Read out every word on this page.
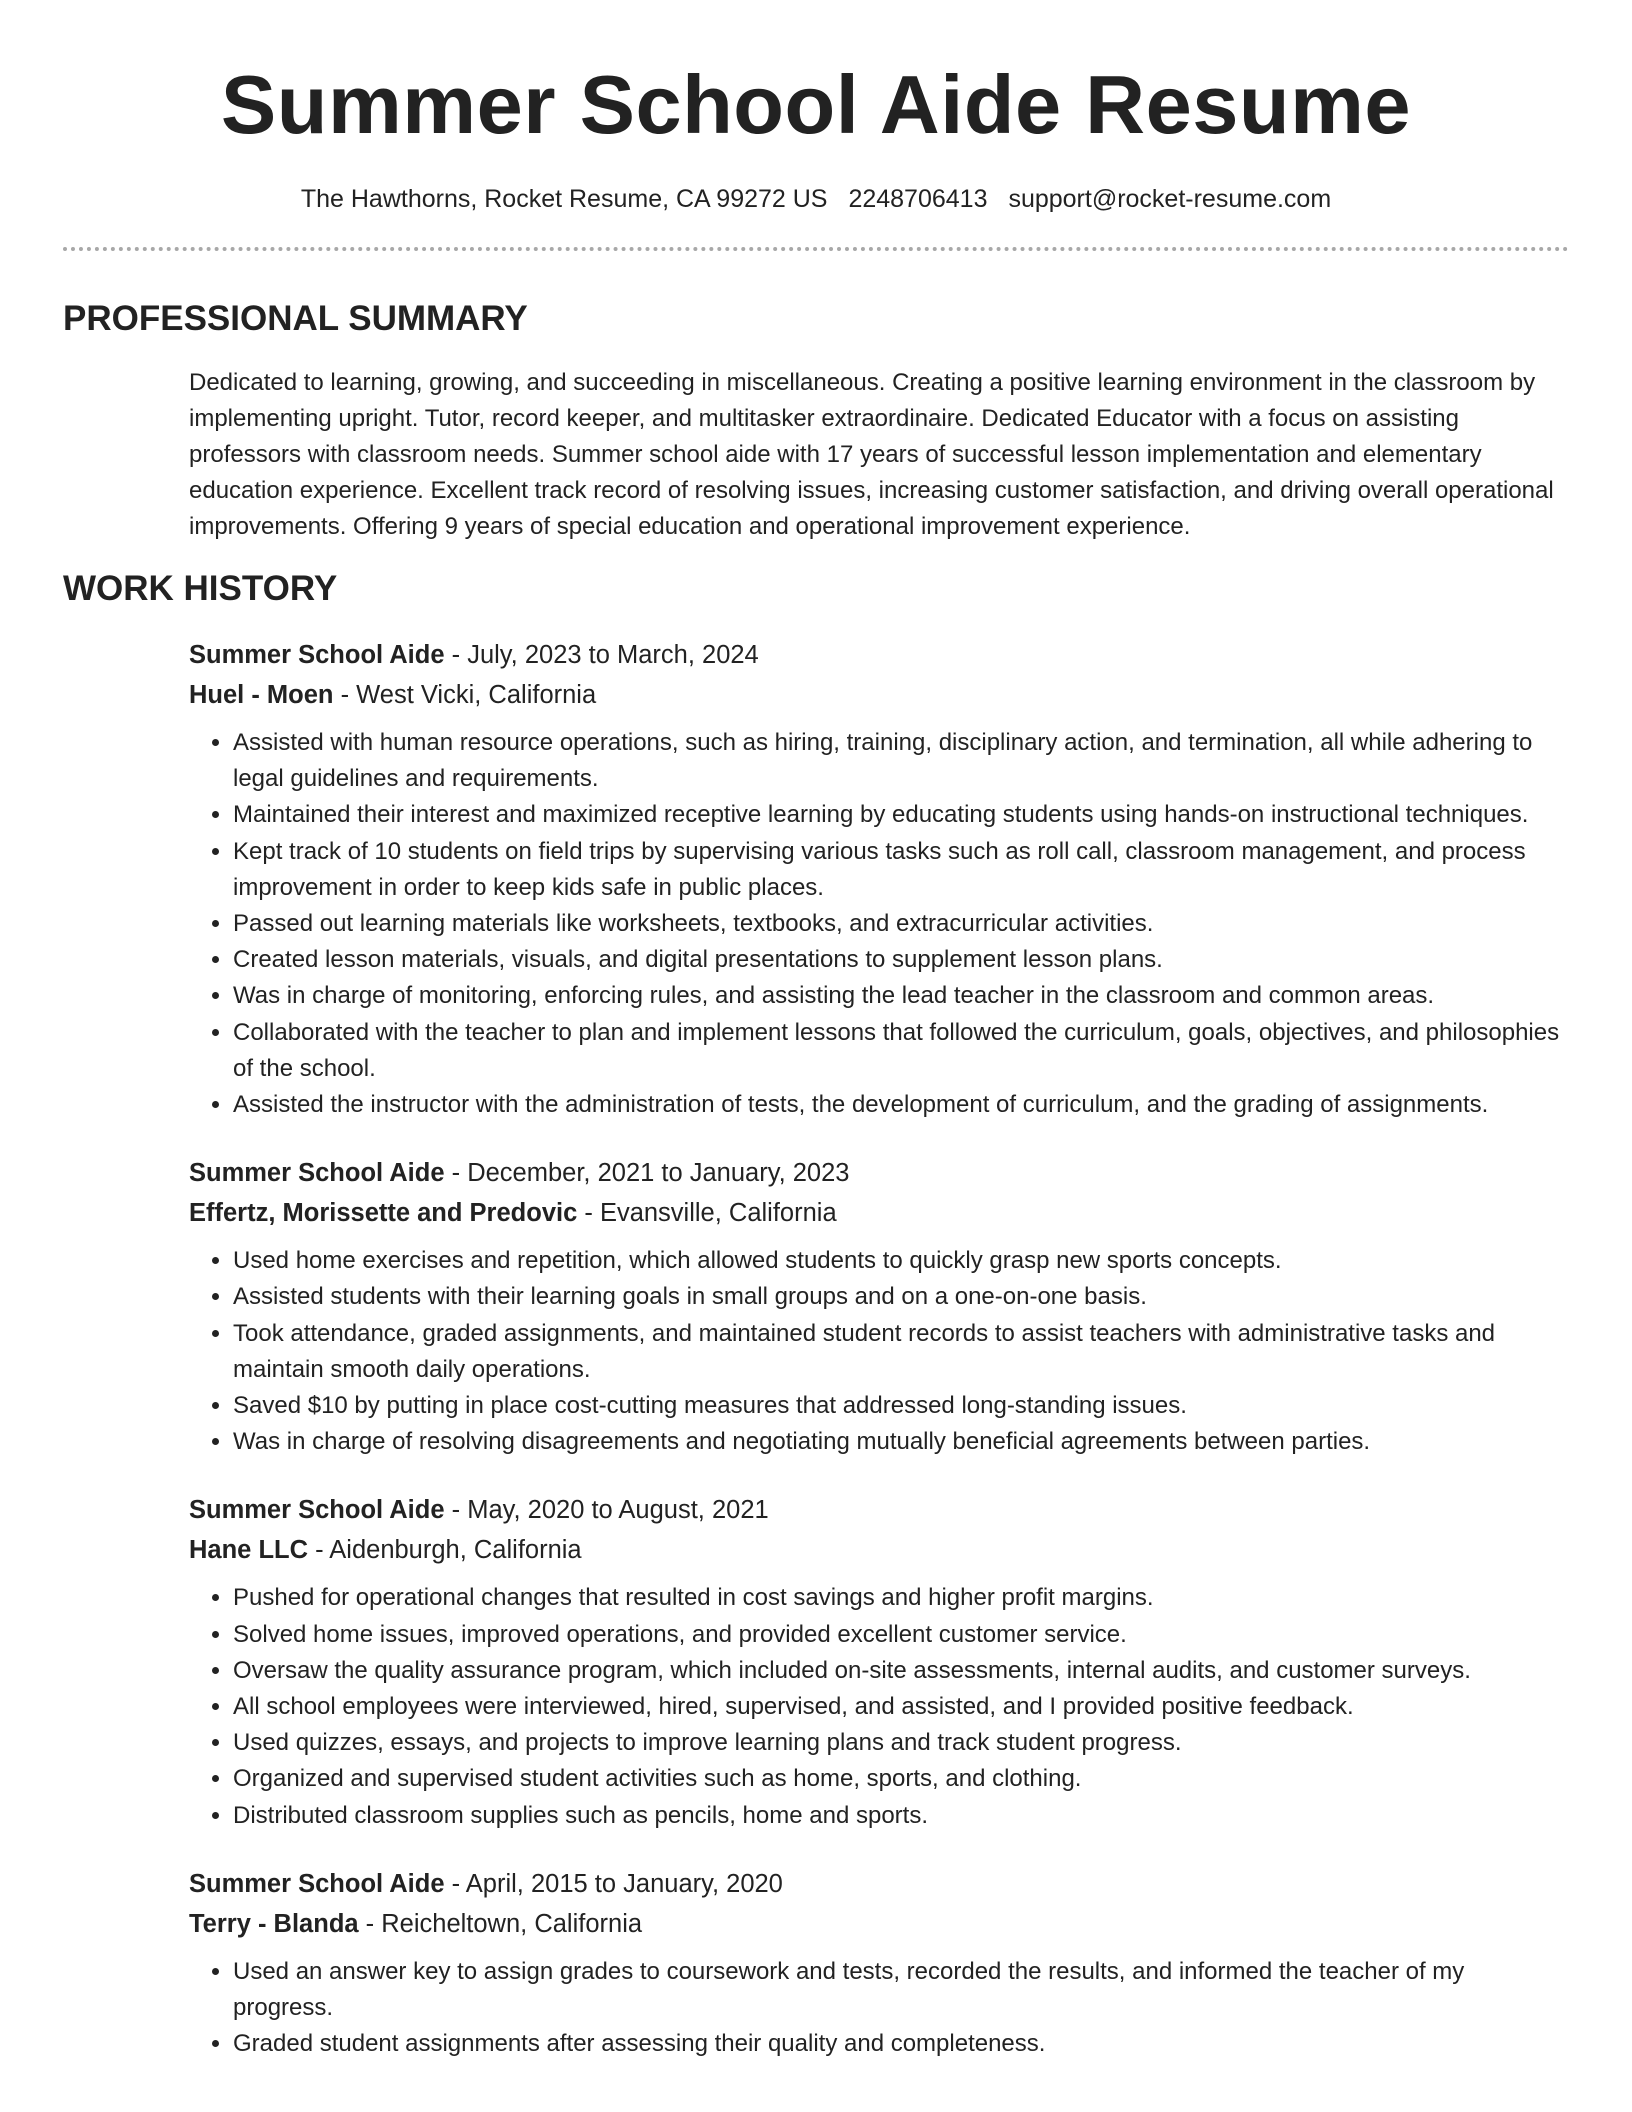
Summer School Aide Resume
The Hawthorns, Rocket Resume, CA 99272 US 2248706413 support@rocket-resume.com
PROFESSIONAL SUMMARY
Dedicated to learning, growing, and succeeding in miscellaneous. Creating a positive learning environment in the classroom by implementing upright. Tutor, record keeper, and multitasker extraordinaire. Dedicated Educator with a focus on assisting professors with classroom needs. Summer school aide with 17 years of successful lesson implementation and elementary education experience. Excellent track record of resolving issues, increasing customer satisfaction, and driving overall operational improvements. Offering 9 years of special education and operational improvement experience.
WORK HISTORY
Summer School Aide - July, 2023 to March, 2024
Huel - Moen - West Vicki, California
• Assisted with human resource operations, such as hiring, training, disciplinary action, and termination, all while adhering to legal guidelines and requirements.
• Maintained their interest and maximized receptive learning by educating students using hands-on instructional techniques.
• Kept track of 10 students on field trips by supervising various tasks such as roll call, classroom management, and process improvement in order to keep kids safe in public places.
• Passed out learning materials like worksheets, textbooks, and extracurricular activities.
• Created lesson materials, visuals, and digital presentations to supplement lesson plans.
• Was in charge of monitoring, enforcing rules, and assisting the lead teacher in the classroom and common areas.
• Collaborated with the teacher to plan and implement lessons that followed the curriculum, goals, objectives, and philosophies of the school.
• Assisted the instructor with the administration of tests, the development of curriculum, and the grading of assignments.
Summer School Aide - December, 2021 to January, 2023
Effertz, Morissette and Predovic - Evansville, California
• Used home exercises and repetition, which allowed students to quickly grasp new sports concepts.
• Assisted students with their learning goals in small groups and on a one-on-one basis.
• Took attendance, graded assignments, and maintained student records to assist teachers with administrative tasks and maintain smooth daily operations.
• Saved $10 by putting in place cost-cutting measures that addressed long-standing issues.
• Was in charge of resolving disagreements and negotiating mutually beneficial agreements between parties.
Summer School Aide - May, 2020 to August, 2021
Hane LLC - Aidenburgh, California
• Pushed for operational changes that resulted in cost savings and higher profit margins.
• Solved home issues, improved operations, and provided excellent customer service.
• Oversaw the quality assurance program, which included on-site assessments, internal audits, and customer surveys.
• All school employees were interviewed, hired, supervised, and assisted, and I provided positive feedback.
• Used quizzes, essays, and projects to improve learning plans and track student progress.
• Organized and supervised student activities such as home, sports, and clothing.
• Distributed classroom supplies such as pencils, home and sports.
Summer School Aide - April, 2015 to January, 2020
Terry - Blanda - Reicheltown, California
• Used an answer key to assign grades to coursework and tests, recorded the results, and informed the teacher of my progress.
• Graded student assignments after assessing their quality and completeness.
